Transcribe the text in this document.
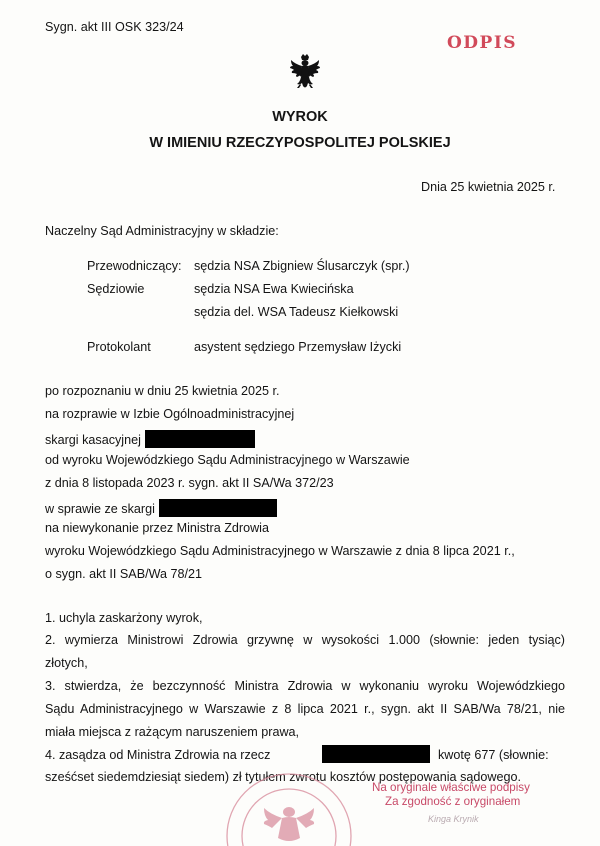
Sygn. akt III OSK 323/24
ODPIS
WYROK
W IMIENIU RZECZYPOSPOLITEJ POLSKIEJ
Dnia 25 kwietnia 2025 r.
Naczelny Sąd Administracyjny w składzie:
Przewodniczący: sędzia NSA Zbigniew Ślusarczyk (spr.)
Sędziowie	sędzia NSA Ewa Kwiecińska
sędzia del. WSA Tadeusz Kiełkowski
Protokolant	asystent sędziego Przemysław Iżycki
po rozpoznaniu w dniu 25 kwietnia 2025 r.
na rozprawie w Izbie Ogólnoadministracyjnej
skargi kasacyjnej
od wyroku Wojewódzkiego Sądu Administracyjnego w Warszawie
z dnia 8 listopada 2023 r. sygn. akt II SA/Wa 372/23
w sprawie ze skargi
na niewykonanie przez Ministra Zdrowia
wyroku Wojewódzkiego Sądu Administracyjnego w Warszawie z dnia 8 lipca 2021 r.,
o sygn. akt II SAB/Wa 78/21
1. uchyla zaskarżony wyrok,
2. wymierza Ministrowi Zdrowia grzywnę w wysokości 1.000 (słownie: jeden tysiąc)
złotych,
3. stwierdza, że bezczynność Ministra Zdrowia w wykonaniu wyroku Wojewódzkiego
Sądu Administracyjnego w Warszawie z 8 lipca 2021 r., sygn. akt II SAB/Wa 78/21, nie
miała miejsca z rażącym naruszeniem prawa,
4. zasądza od Ministra Zdrowia na rzecz	kwotę 677 (słownie:
sześćset siedemdziesiąt siedem) zł tytułem zwrotu kosztów postępowania sądowego.
Na oryginale właściwe podpisy
Za zgodność z oryginałem
Kinga Krynik
